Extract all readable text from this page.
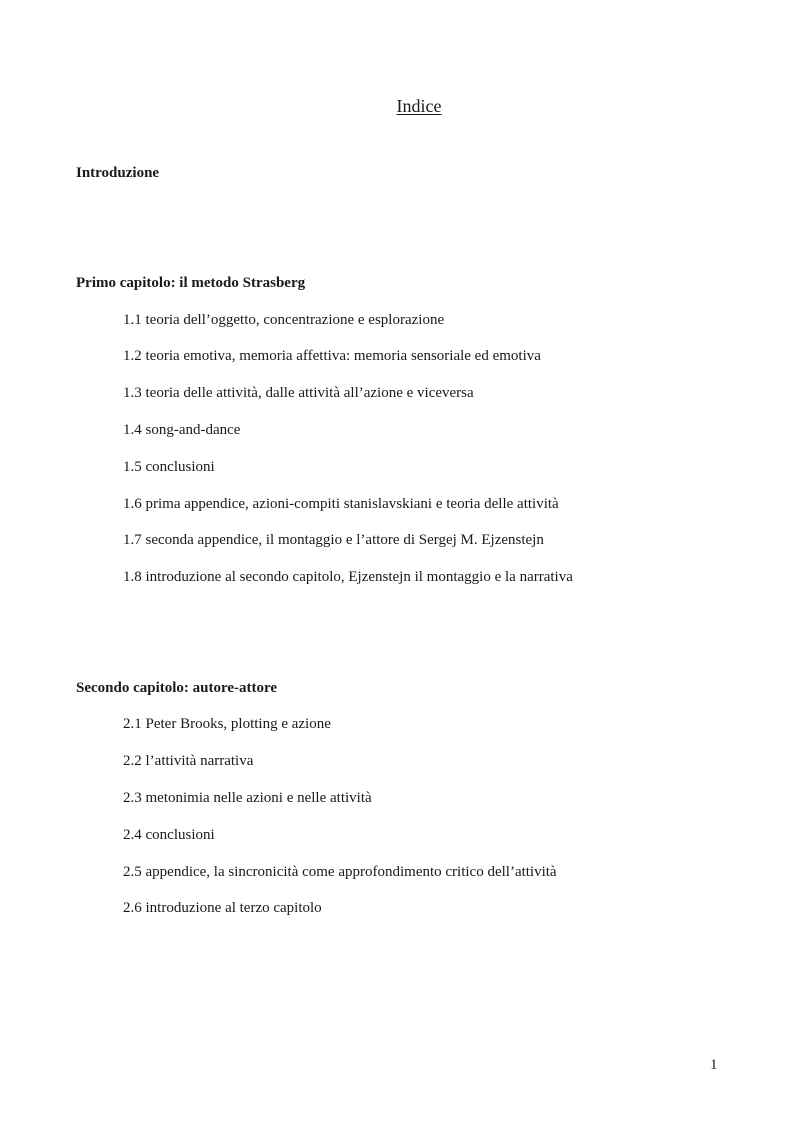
Indice
Introduzione
Primo capitolo: il metodo Strasberg
1.1 teoria dell’oggetto, concentrazione e esplorazione
1.2 teoria emotiva, memoria affettiva: memoria sensoriale ed emotiva
1.3 teoria delle attività, dalle attività all’azione e viceversa
1.4 song-and-dance
1.5 conclusioni
1.6 prima appendice, azioni-compiti stanislavskiani e teoria delle attività
1.7 seconda appendice, il montaggio e l’attore di Sergej M. Ejzenstejn
1.8 introduzione al secondo capitolo, Ejzenstejn il montaggio e la narrativa
Secondo capitolo: autore-attore
2.1 Peter Brooks, plotting e azione
2.2 l’attività narrativa
2.3 metonimia nelle azioni e nelle attività
2.4 conclusioni
2.5 appendice, la sincronicità come approfondimento critico dell’attività
2.6 introduzione al terzo capitolo
1
